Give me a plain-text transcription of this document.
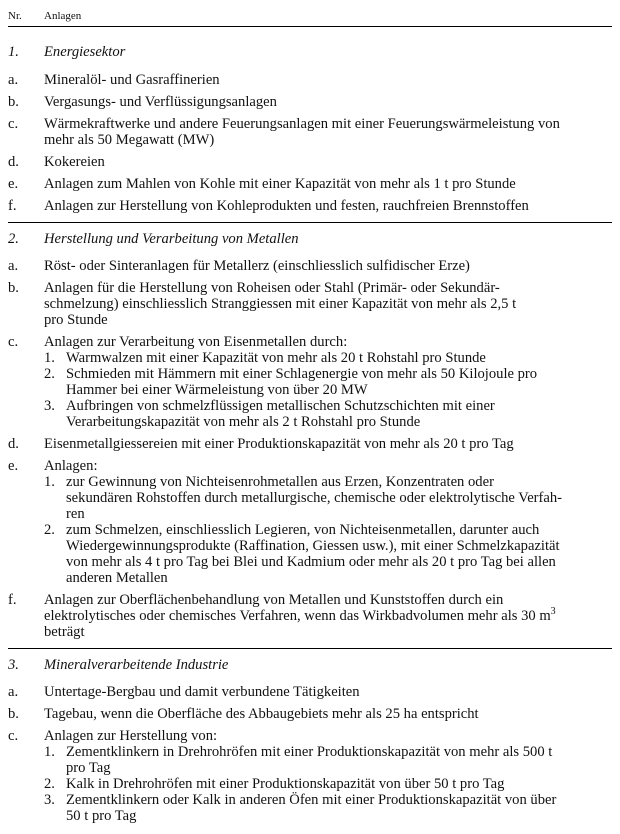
Nr. Anlagen
1. Energiesektor
a. Mineralöl- und Gasraffinerien
b. Vergasungs- und Verflüssigungsanlagen
c. Wärmekraftwerke und andere Feuerungsanlagen mit einer Feuerungswärmeleistung von
mehr als 50 Megawatt (MW)
d. Kokereien
e. Anlagen zum Mahlen von Kohle mit einer Kapazität von mehr als 1 t pro Stunde
f. Anlagen zur Herstellung von Kohleprodukten und festen, rauchfreien Brennstoffen
2. Herstellung und Verarbeitung von Metallen
a. Röst- oder Sinteranlagen für Metallerz (einschliesslich sulfidischer Erze)
b. Anlagen für die Herstellung von Roheisen oder Stahl (Primär- oder Sekundär-
schmelzung) einschliesslich Stranggiessen mit einer Kapazität von mehr als 2,5 t
pro Stunde
c. Anlagen zur Verarbeitung von Eisenmetallen durch:
1. Warmwalzen mit einer Kapazität von mehr als 20 t Rohstahl pro Stunde
2. Schmieden mit Hämmern mit einer Schlagenergie von mehr als 50 Kilojoule pro
Hammer bei einer Wärmeleistung von über 20 MW
3. Aufbringen von schmelzflüssigen metallischen Schutzschichten mit einer
Verarbeitungskapazität von mehr als 2 t Rohstahl pro Stunde
d. Eisenmetallgiessereien mit einer Produktionskapazität von mehr als 20 t pro Tag
e. Anlagen:
1. zur Gewinnung von Nichteisenrohmetallen aus Erzen, Konzentraten oder
sekundären Rohstoffen durch metallurgische, chemische oder elektrolytische Verfah-
ren
2. zum Schmelzen, einschliesslich Legieren, von Nichteisenmetallen, darunter auch
Wiedergewinnungsprodukte (Raffination, Giessen usw.), mit einer Schmelzkapazität
von mehr als 4 t pro Tag bei Blei und Kadmium oder mehr als 20 t pro Tag bei allen
anderen Metallen
f. Anlagen zur Oberflächenbehandlung von Metallen und Kunststoffen durch ein
elektrolytisches oder chemisches Verfahren, wenn das Wirkbadvolumen mehr als 30 $m^3$
beträgt
3. Mineralverarbeitende Industrie
a. Untertage-Bergbau und damit verbundene Tätigkeiten
b. Tagebau, wenn die Oberfläche des Abbaugebiets mehr als 25 ha entspricht
c. Anlagen zur Herstellung von:
1. Zementklinkern in Drehrohröfen mit einer Produktionskapazität von mehr als 500 t
pro Tag
2. Kalk in Drehrohröfen mit einer Produktionskapazität von über 50 t pro Tag
3. Zementklinkern oder Kalk in anderen Öfen mit einer Produktionskapazität von über
50 t pro Tag
